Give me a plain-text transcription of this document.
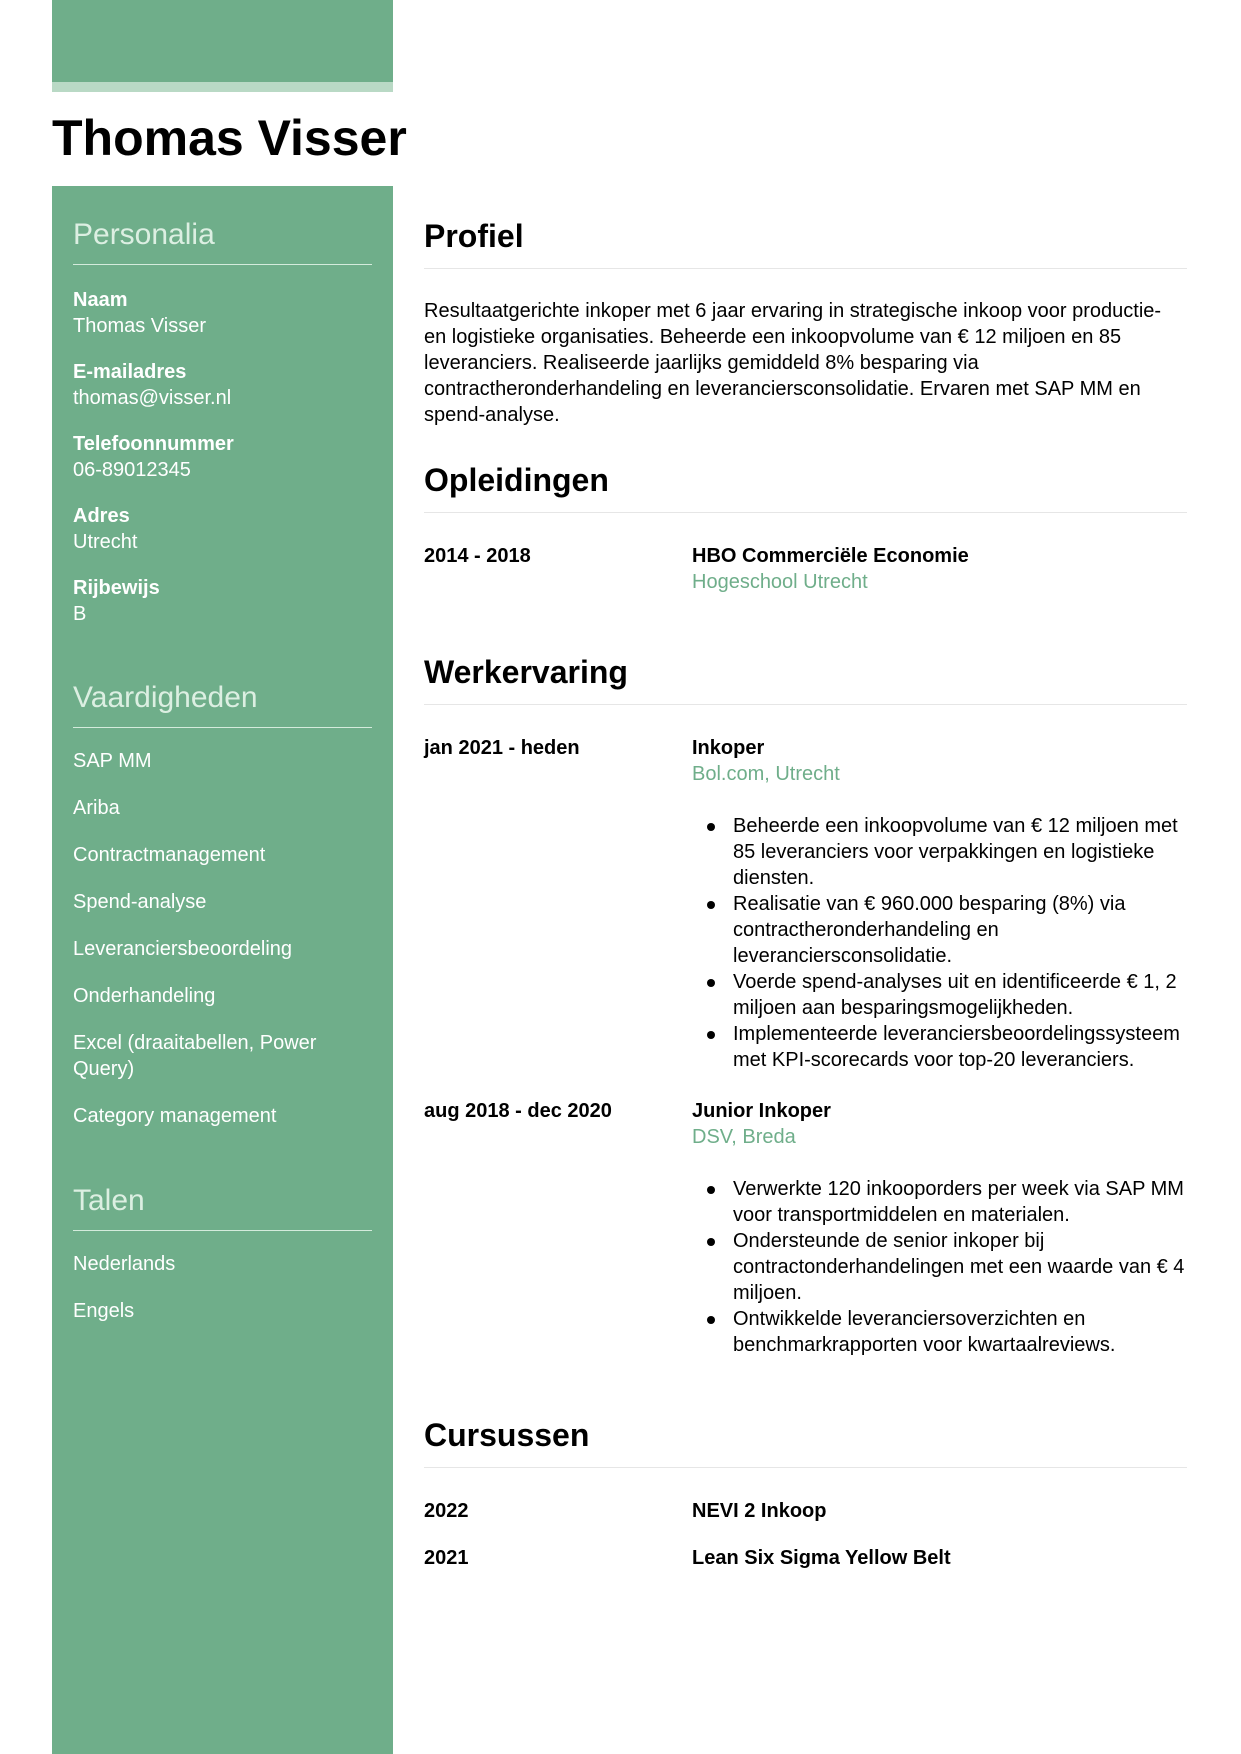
Thomas Visser
Personalia
Naam
Thomas Visser
E-mailadres
thomas@visser.nl
Telefoonnummer
06-89012345
Adres
Utrecht
Rijbewijs
B
Vaardigheden
SAP MM
Ariba
Contractmanagement
Spend-analyse
Leveranciersbeoordeling
Onderhandeling
Excel (draaitabellen, Power Query)
Category management
Talen
Nederlands
Engels
Profiel

Resultaatgerichte inkoper met 6 jaar ervaring in strategische inkoop voor productie- en logistieke organisaties. Beheerde een inkoopvolume van € 12 miljoen en 85 leveranciers. Realiseerde jaarlijks gemiddeld 8% besparing via contractheronderhandeling en leveranciersconsolidatie. Ervaren met SAP MM en spend-analyse.

Opleidingen
2014 - 2018	HBO Commerciële Economie
Hogeschool Utrecht
Werkervaring
jan 2021 - heden	Inkoper
Bol.com, Utrecht
Beheerde een inkoopvolume van € 12 miljoen met 85 leveranciers voor verpakkingen en logistieke diensten.
Realisatie van € 960.000 besparing (8%) via contractheronderhandeling en leveranciersconsolidatie.
Voerde spend-analyses uit en identificeerde € 1, 2 miljoen aan besparingsmogelijkheden.
Implementeerde leveranciersbeoordelingssysteem met KPI-scorecards voor top-20 leveranciers.
aug 2018 - dec 2020	Junior Inkoper
DSV, Breda
Verwerkte 120 inkooporders per week via SAP MM voor transportmiddelen en materialen.
Ondersteunde de senior inkoper bij contractonderhandelingen met een waarde van € 4 miljoen.
Ontwikkelde leveranciersoverzichten en benchmarkrapporten voor kwartaalreviews.
Cursussen
2022	NEVI 2 Inkoop
2021	Lean Six Sigma Yellow Belt
